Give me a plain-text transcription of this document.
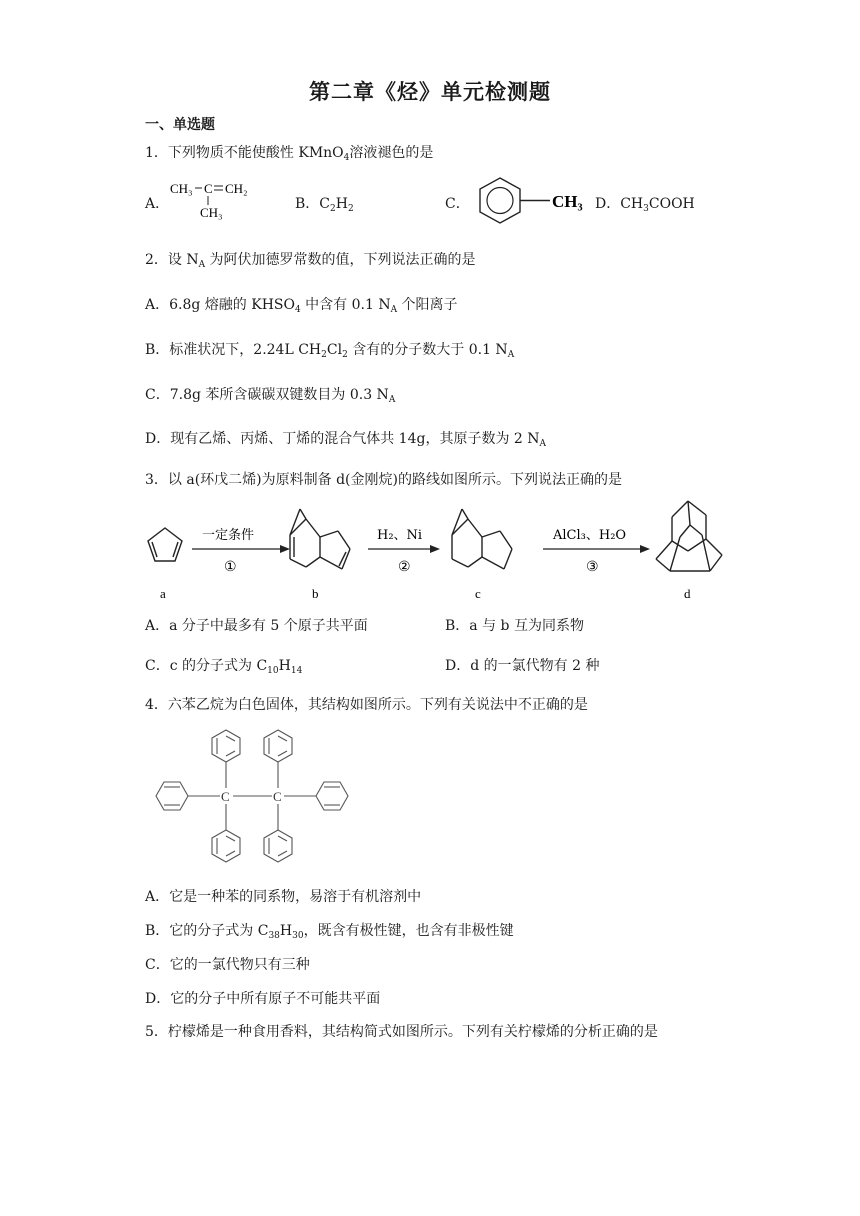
第二章《烃》单元检测题
一、单选题
1．下列物质不能使酸性 KMnO$_4$溶液褪色的是
A．
CH₃ C CH₂
CH₃
B．$C_2H_2$	C．	CH₃ D．$CH_3COOH$
2．设 $N_A$ 为阿伏加德罗常数的值，下列说法正确的是
A．6.8g 熔融的 $KHSO_4$ 中含有 0.1 $N_A$ 个阳离子
B．标准状况下，2.24L $CH_2Cl_2$ 含有的分子数大于 0.1 $N_A$
C．7.8g 苯所含碳碳双键数目为 0.3 $N_A$
D．现有乙烯、丙烯、丁烯的混合气体共 14g，其原子数为 2 $N_A$
3．以 a(环戊二烯)为原料制备 d(金刚烷)的路线如图所示。下列说法正确的是
a
一定条件
①
b
H₂、Ni
②
c
AlCl₃、H₂O
③
d
A．a 分子中最多有 5 个原子共平面	B．a 与 b 互为同系物
C．c 的分子式为 $C_{10}H_{14}$	D．d 的一氯代物有 2 种
4．六苯乙烷为白色固体，其结构如图所示。下列有关说法中不正确的是
C	C
A．它是一种苯的同系物，易溶于有机溶剂中
B．它的分子式为 $C_{38}H_{30}$，既含有极性键，也含有非极性键
C．它的一氯代物只有三种
D．它的分子中所有原子不可能共平面
5．柠檬烯是一种食用香料，其结构简式如图所示。下列有关柠檬烯的分析正确的是
